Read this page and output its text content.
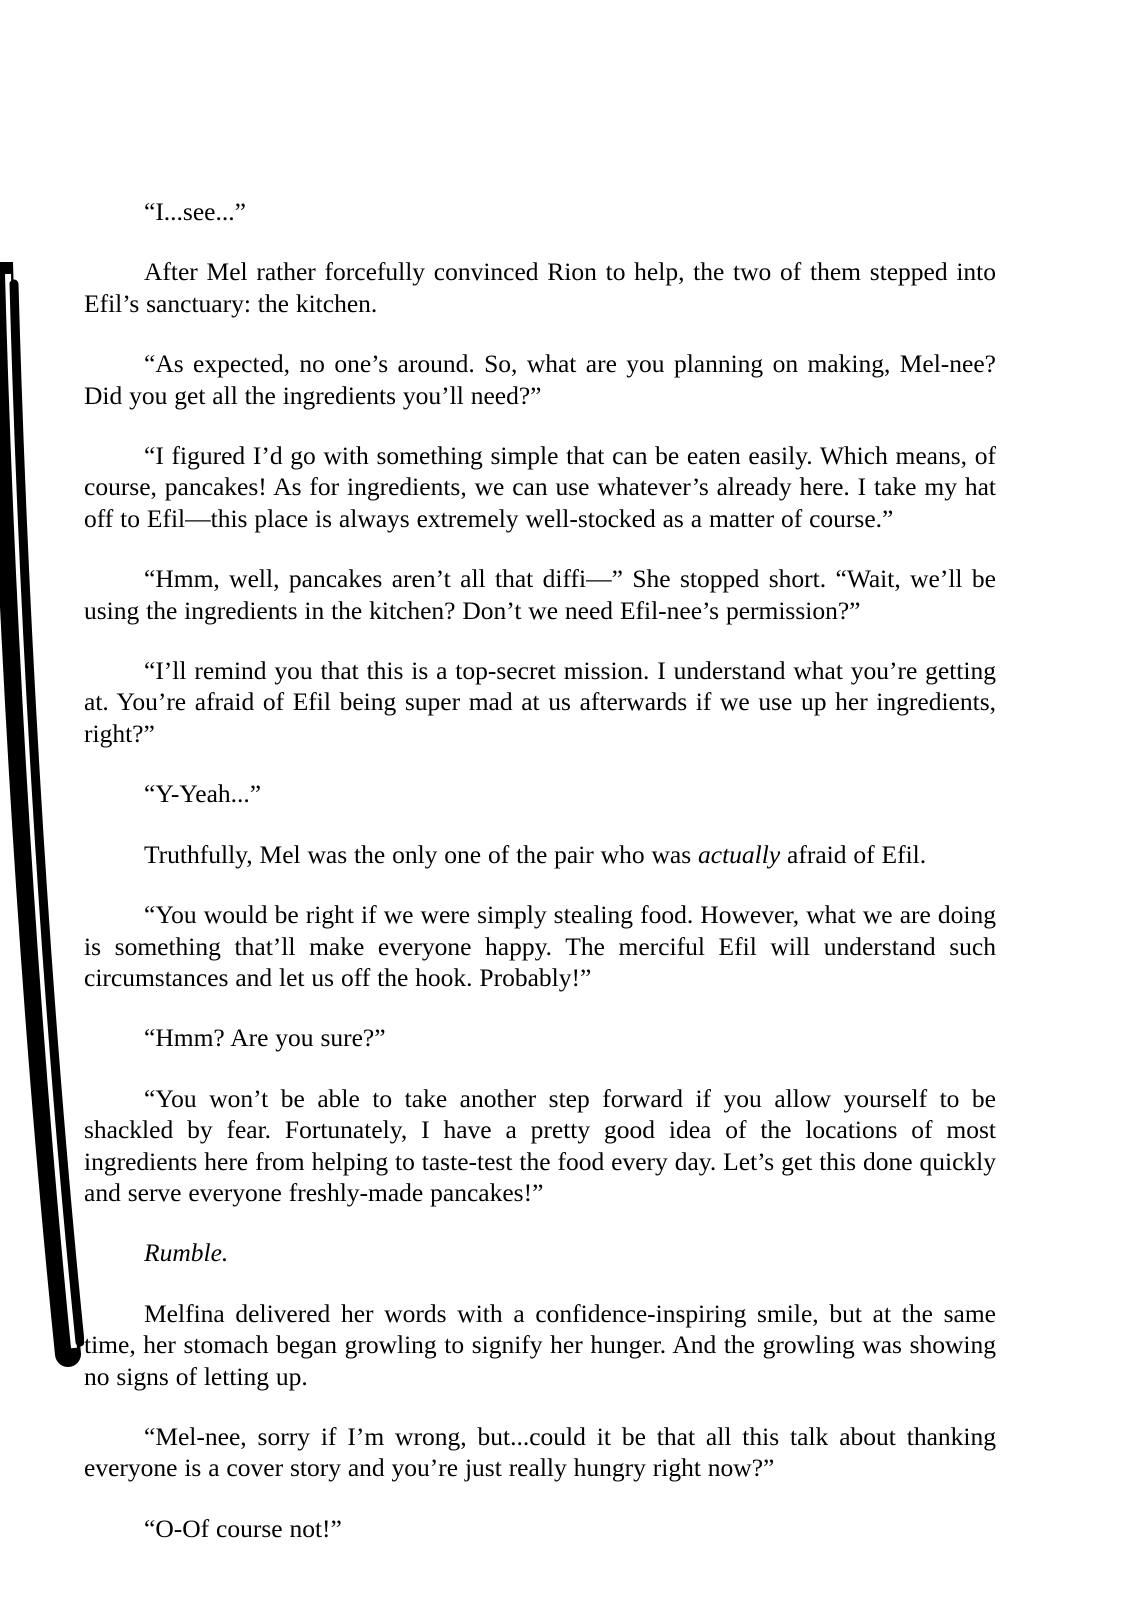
“I...see...”

After Mel rather forcefully convinced Rion to help, the two of them stepped into Efil’s sanctuary: the kitchen.

“As expected, no one’s around. So, what are you planning on making, Mel-nee? Did you get all the ingredients you’ll need?”

“I figured I’d go with something simple that can be eaten easily. Which means, of course, pancakes! As for ingredients, we can use whatever’s already here. I take my hat off to Efil—this place is always extremely well-stocked as a matter of course.”

“Hmm, well, pancakes aren’t all that diffi—” She stopped short. “Wait, we’ll be using the ingredients in the kitchen? Don’t we need Efil-nee’s permission?”

“I’ll remind you that this is a top-secret mission. I understand what you’re getting at. You’re afraid of Efil being super mad at us afterwards if we use up her ingredients, right?”

“Y-Yeah...”

Truthfully, Mel was the only one of the pair who was actually afraid of Efil.

“You would be right if we were simply stealing food. However, what we are doing is something that’ll make everyone happy. The merciful Efil will understand such circumstances and let us off the hook. Probably!”

“Hmm? Are you sure?”

“You won’t be able to take another step forward if you allow yourself to be shackled by fear. Fortunately, I have a pretty good idea of the locations of most ingredients here from helping to taste-test the food every day. Let’s get this done quickly and serve everyone freshly-made pancakes!”

Rumble.

Melfina delivered her words with a confidence-inspiring smile, but at the same time, her stomach began growling to signify her hunger. And the growling was showing no signs of letting up.

“Mel-nee, sorry if I’m wrong, but...could it be that all this talk about thanking everyone is a cover story and you’re just really hungry right now?”

“O-Of course not!”
